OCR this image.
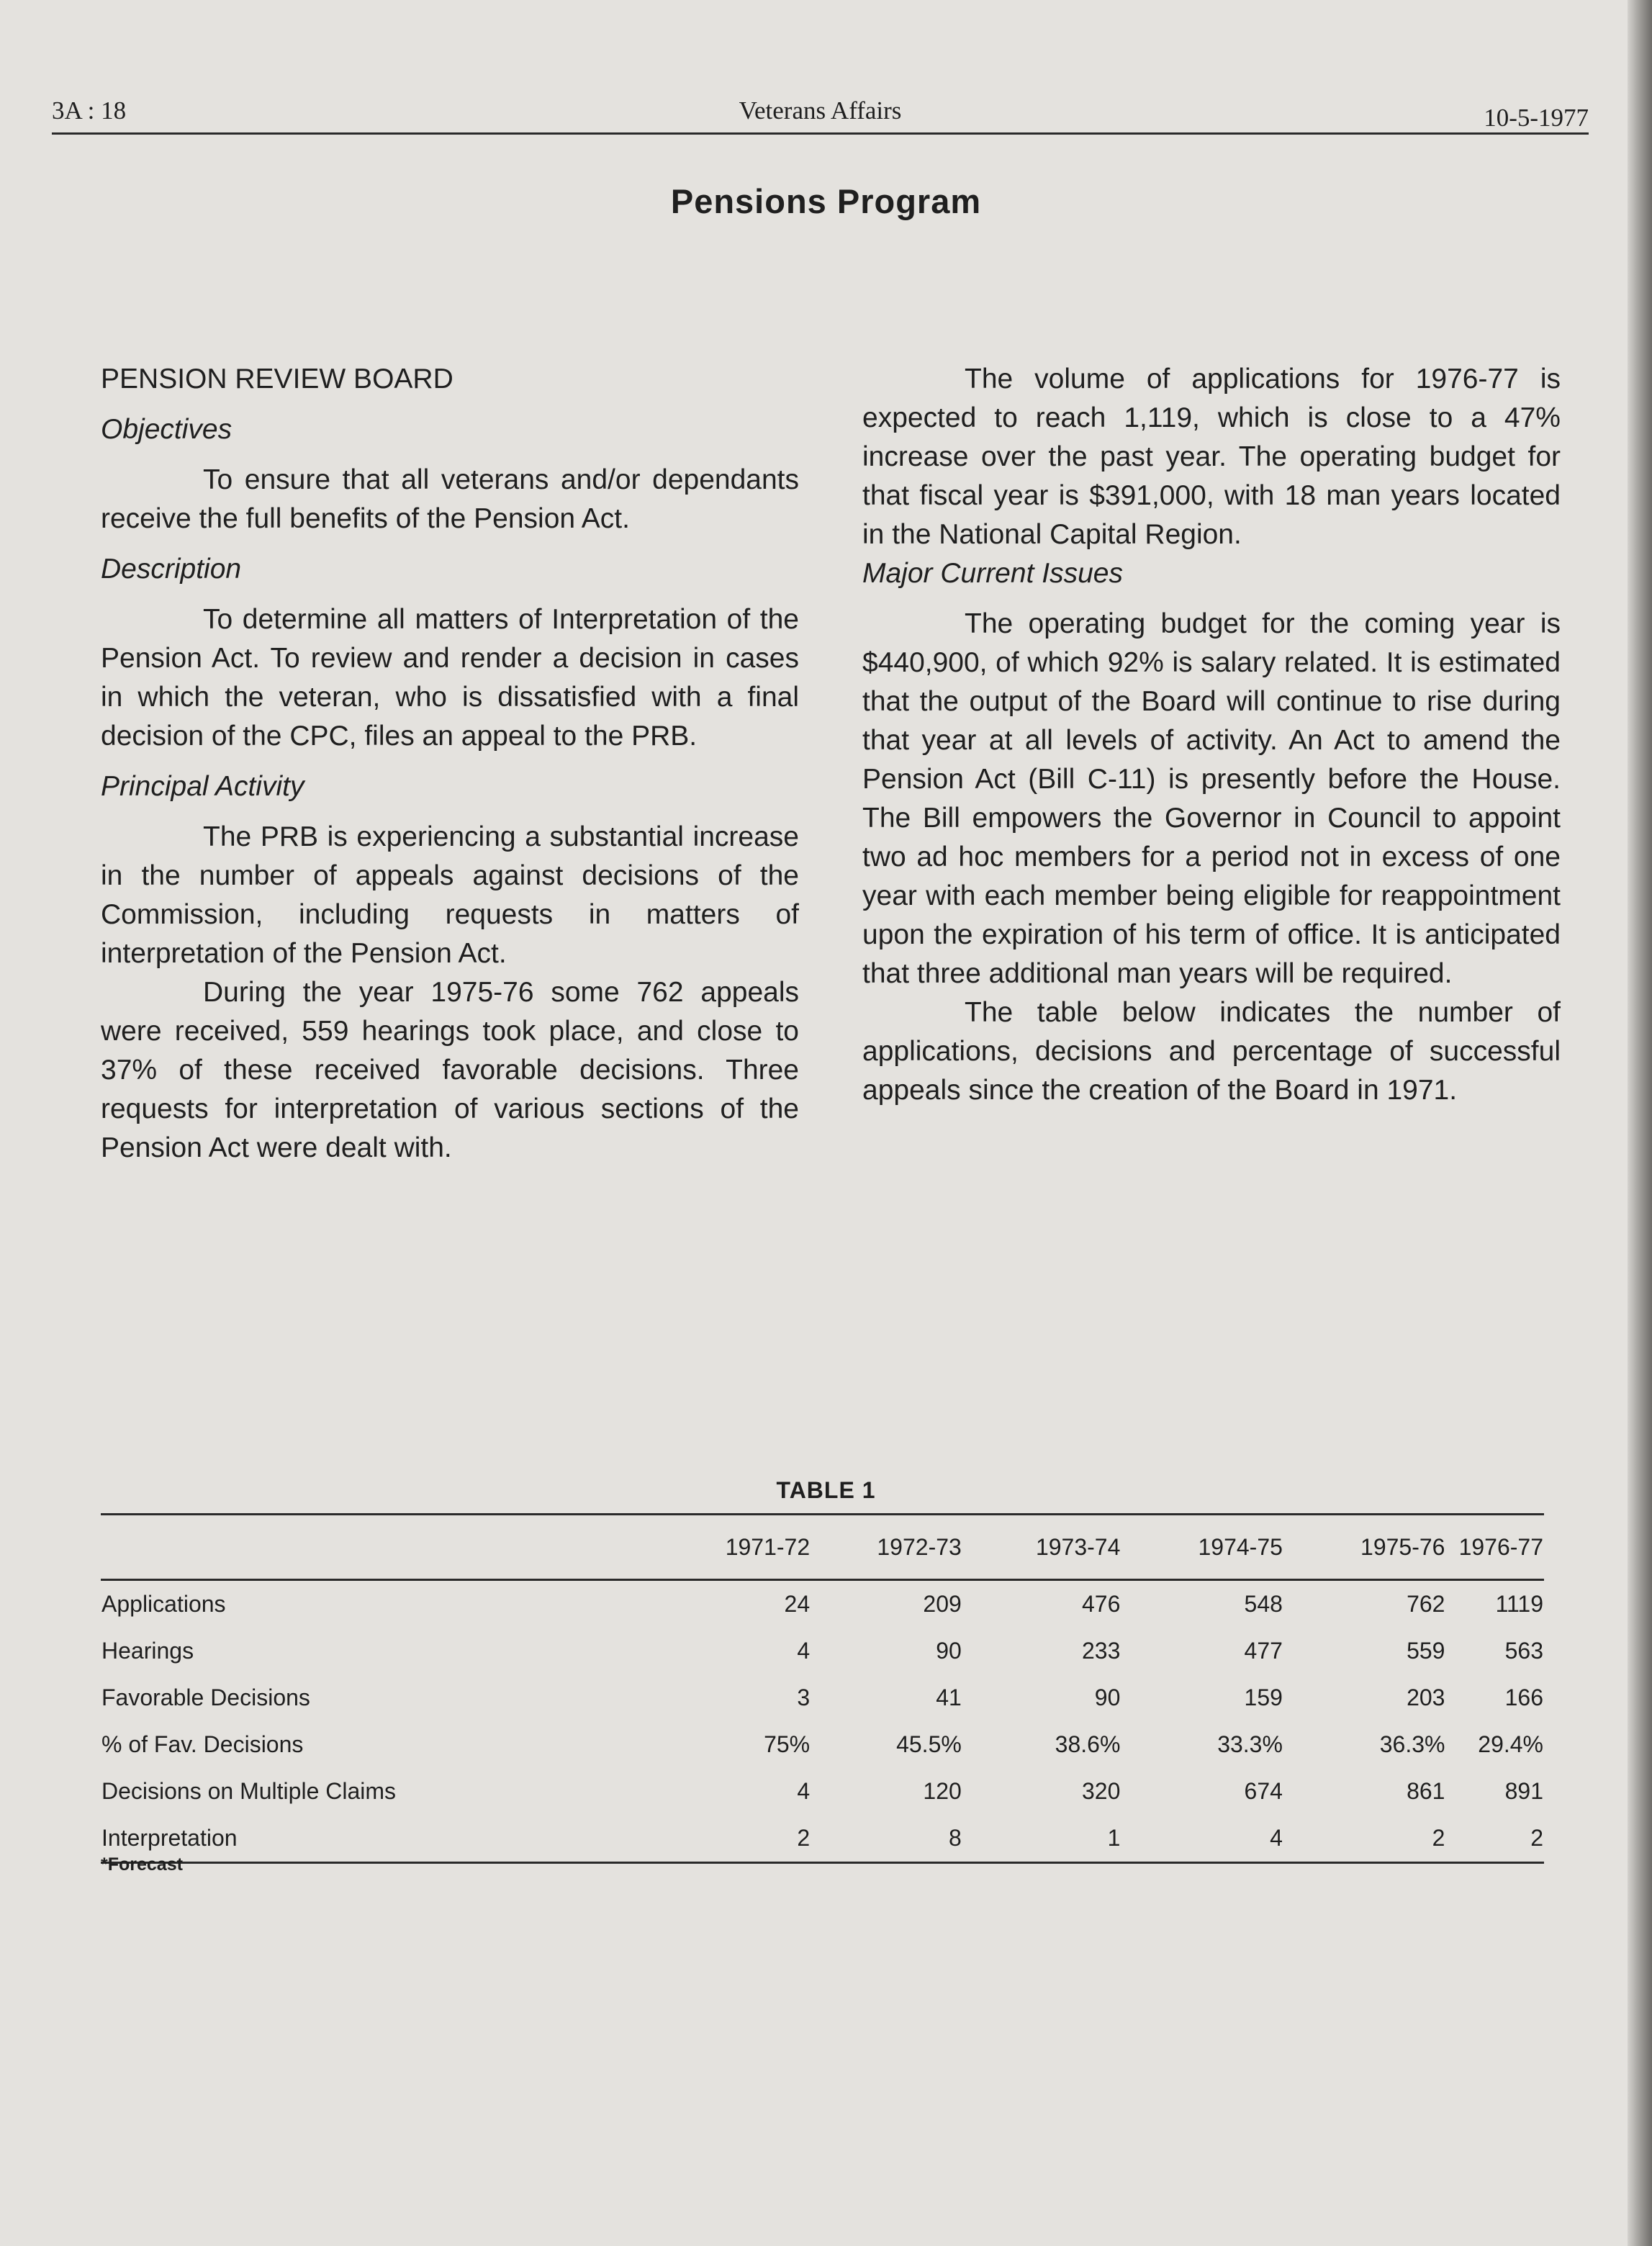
3A : 18	Veterans Affairs	10-5-1977
Pensions Program

PENSION REVIEW BOARD

Objectives

To ensure that all veterans and/or dependants receive the full benefits of the Pension Act.

Description

To determine all matters of Interpretation of the Pension Act. To review and render a decision in cases in which the veteran, who is dissatisfied with a final decision of the CPC, files an appeal to the PRB.

Principal Activity

The PRB is experiencing a substantial increase in the number of appeals against decisions of the Commission, including requests in matters of interpretation of the Pension Act.

During the year 1975-76 some 762 appeals were received, 559 hearings took place, and close to 37% of these received favorable decisions. Three requests for interpretation of various sections of the Pension Act were dealt with.

The volume of applications for 1976-77 is expected to reach 1,119, which is close to a 47% increase over the past year. The operating budget for that fiscal year is $391,000, with 18 man years located in the National Capital Region.

Major Current Issues

The operating budget for the coming year is $440,900, of which 92% is salary related. It is estimated that the output of the Board will continue to rise during that year at all levels of activity. An Act to amend the Pension Act (Bill C-11) is presently before the House. The Bill empowers the Governor in Council to appoint two ad hoc members for a period not in excess of one year with each member being eligible for reappointment upon the expiration of his term of office. It is anticipated that three additional man years will be required.

The table below indicates the number of applications, decisions and percentage of successful appeals since the creation of the Board in 1971.

TABLE 1
	1971-72	1972-73	1973-74	1974-75	1975-76	1976-77
Applications	24	209	476	548	762	1119
Hearings	4	90	233	477	559	563
Favorable Decisions	3	41	90	159	203	166
% of Fav. Decisions	75%	45.5%	38.6%	33.3%	36.3%	29.4%
Decisions on Multiple Claims	4	120	320	674	861	891
Interpretation	2	8	1	4	2	2
*Forecast
